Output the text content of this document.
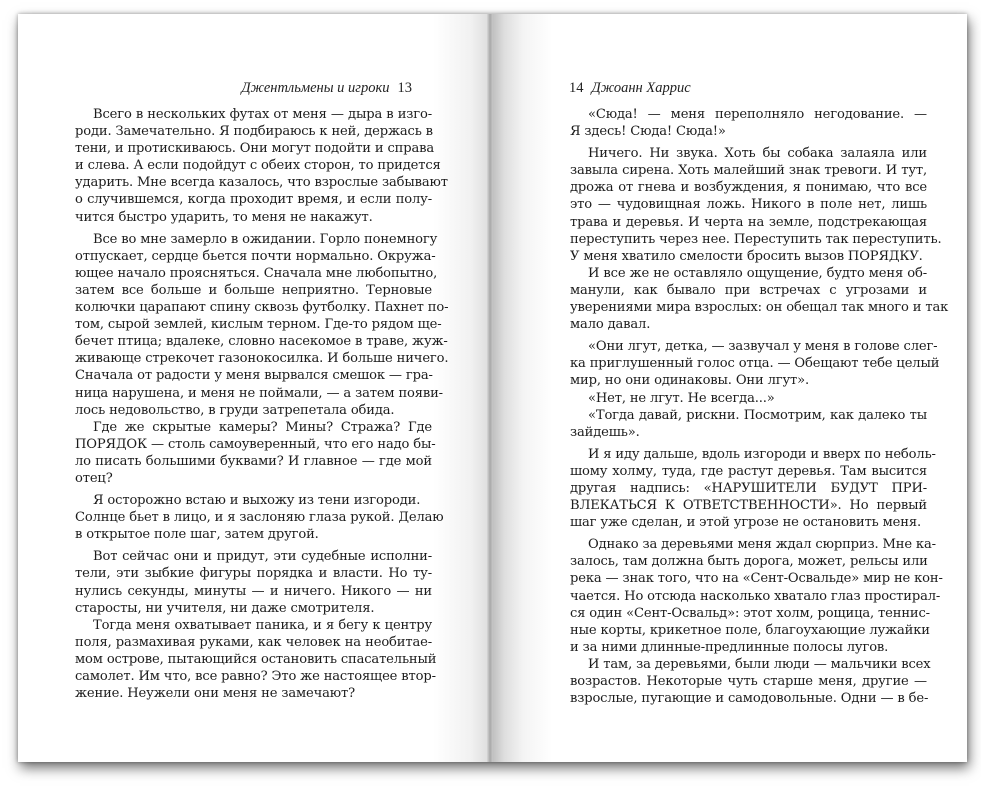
Джентльмены и игроки 13
Всего в нескольких футах от меня — дыра в изго-
роди. Замечательно. Я подбираюсь к ней, держась в
тени, и протискиваюсь. Они могут подойти и справа
и слева. А если подойдут с обеих сторон, то придется
ударить. Мне всегда казалось, что взрослые забывают
о случившемся, когда проходит время, и если полу-
чится быстро ударить, то меня не накажут.
Все во мне замерло в ожидании. Горло понемногу
отпускает, сердце бьется почти нормально. Окружа-
ющее начало проясняться. Сначала мне любопытно,
затем все больше и больше неприятно. Терновые
колючки царапают спину сквозь футболку. Пахнет по-
том, сырой землей, кислым терном. Где-то рядом ще-
бечет птица; вдалеке, словно насекомое в траве, жуж-
живающе стрекочет газонокосилка. И больше ничего.
Сначала от радости у меня вырвался смешок — гра-
ница нарушена, и меня не поймали, — а затем появи-
лось недовольство, в груди затрепетала обида.
Где же скрытые камеры? Мины? Стража? Где
ПОРЯДОК — столь самоуверенный, что его надо бы-
ло писать большими буквами? И главное — где мой
отец?
Я осторожно встаю и выхожу из тени изгороди.
Солнце бьет в лицо, и я заслоняю глаза рукой. Делаю
в открытое поле шаг, затем другой.
Вот сейчас они и придут, эти судебные исполни-
тели, эти зыбкие фигуры порядка и власти. Но ту-
нулись секунды, минуты — и ничего. Никого — ни
старосты, ни учителя, ни даже смотрителя.
Тогда меня охватывает паника, и я бегу к центру
поля, размахивая руками, как человек на необитае-
мом острове, пытающийся остановить спасательный
самолет. Им что, все равно? Это же настоящее втор-
жение. Неужели они меня не замечают?
14 Джоанн Харрис
«Сюда! — меня переполняло негодование. —
Я здесь! Сюда! Сюда!»
Ничего. Ни звука. Хоть бы собака залаяла или
завыла сирена. Хоть малейший знак тревоги. И тут,
дрожа от гнева и возбуждения, я понимаю, что все
это — чудовищная ложь. Никого в поле нет, лишь
трава и деревья. И черта на земле, подстрекающая
переступить через нее. Переступить так переступить.
У меня хватило смелости бросить вызов ПОРЯДКУ.
И все же не оставляло ощущение, будто меня об-
манули, как бывало при встречах с угрозами и
уверениями мира взрослых: он обещал так много и так
мало давал.
«Они лгут, детка, — зазвучал у меня в голове слег-
ка приглушенный голос отца. — Обещают тебе целый
мир, но они одинаковы. Они лгут».
«Нет, не лгут. Не всегда...»
«Тогда давай, рискни. Посмотрим, как далеко ты
зайдешь».
И я иду дальше, вдоль изгороди и вверх по неболь-
шому холму, туда, где растут деревья. Там высится
другая надпись: «НАРУШИТЕЛИ БУДУТ ПРИ-
ВЛЕКАТЬСЯ К ОТВЕТСТВЕННОСТИ». Но первый
шаг уже сделан, и этой угрозе не остановить меня.
Однако за деревьями меня ждал сюрприз. Мне ка-
залось, там должна быть дорога, может, рельсы или
река — знак того, что на «Сент-Освальде» мир не кон-
чается. Но отсюда насколько хватало глаз простирал-
ся один «Сент-Освальд»: этот холм, рощица, теннис-
ные корты, крикетное поле, благоухающие лужайки
и за ними длинные-предлинные полосы лугов.
И там, за деревьями, были люди — мальчики всех
возрастов. Некоторые чуть старше меня, другие —
взрослые, пугающие и самодовольные. Одни — в бе-
